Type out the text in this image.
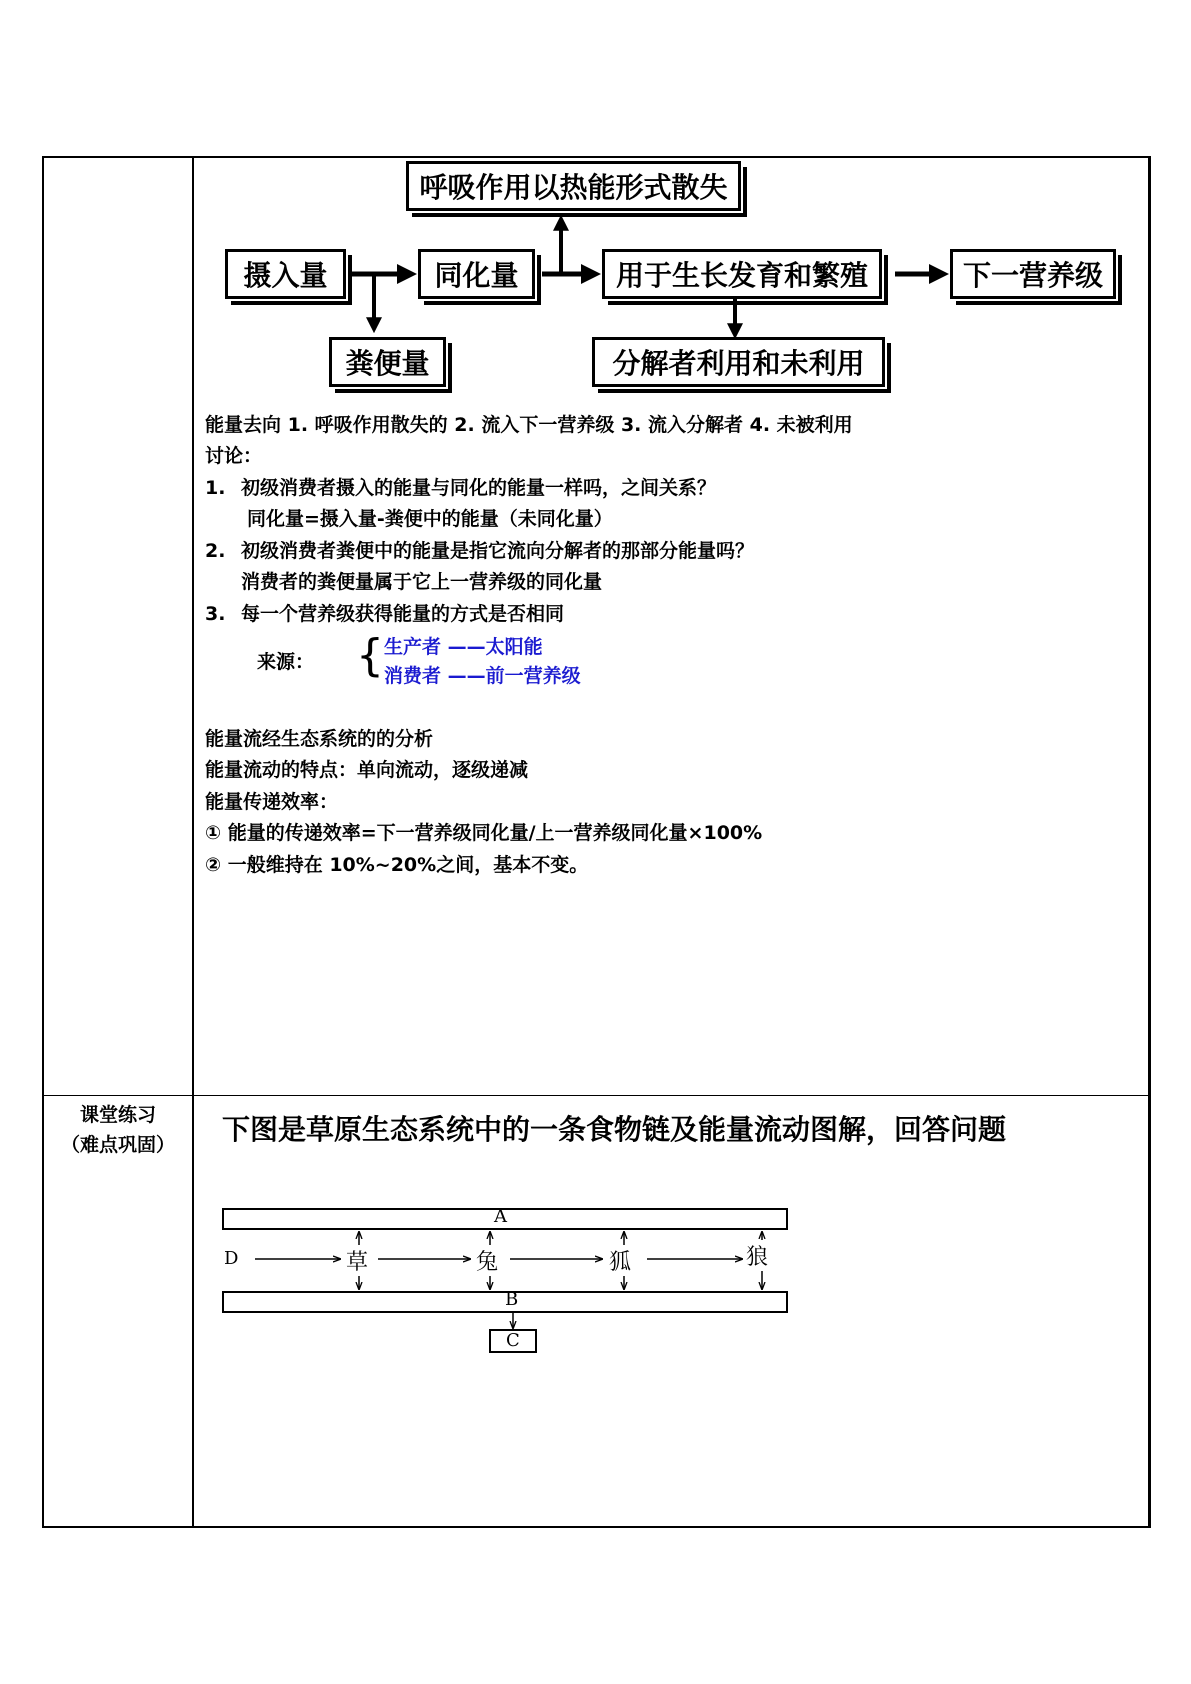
呼吸作用以热能形式散失
摄入量	同化量	用于生长发育和繁殖	下一营养级
粪便量	分解者利用和未利用
能量去向 1. 呼吸作用散失的 2. 流入下一营养级 3. 流入分解者 4. 未被利用
讨论：
1. 初级消费者摄入的能量与同化的能量一样吗，之间关系？
同化量=摄入量-粪便中的能量（未同化量）
2. 初级消费者粪便中的能量是指它流向分解者的那部分能量吗？
消费者的粪便量属于它上一营养级的同化量
3. 每一个营养级获得能量的方式是否相同
来源： { 生产者 ——太阳能
消费者 ——前一营养级
能量流经生态系统的的分析
能量流动的特点：单向流动，逐级递减
能量传递效率：
① 能量的传递效率=下一营养级同化量/上一营养级同化量×100%
② 一般维持在 10%~20%之间，基本不变。
课堂练习
（难点巩固）	下图是草原生态系统中的一条食物链及能量流动图解，回答问题
A
B
C
D	草	兔	狐	狼
